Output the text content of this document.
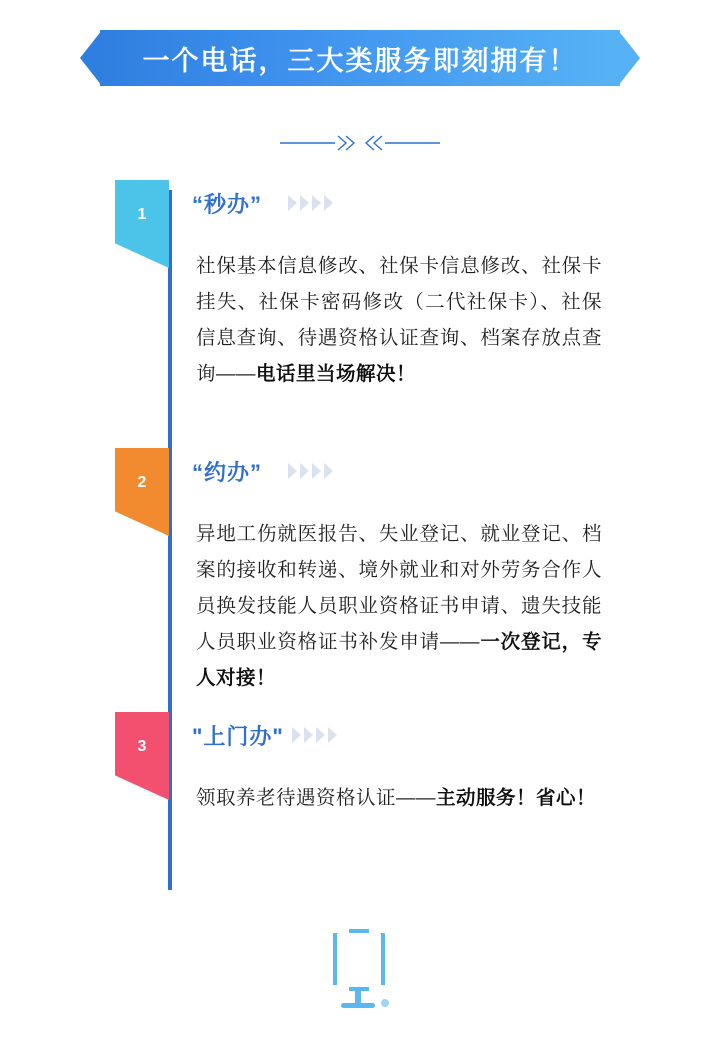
一个电话，三大类服务即刻拥有！
1	“秒办”
社保基本信息修改、社保卡信息修改、社保卡挂失、社保卡密码修改（二代社保卡）、社保信息查询、待遇资格认证查询、档案存放点查询——电话里当场解决！
2	“约办”
异地工伤就医报告、失业登记、就业登记、档案的接收和转递、境外就业和对外劳务合作人员换发技能人员职业资格证书申请、遗失技能人员职业资格证书补发申请——一次登记，专人对接！
3	"上门办"
领取养老待遇资格认证——主动服务！省心！
